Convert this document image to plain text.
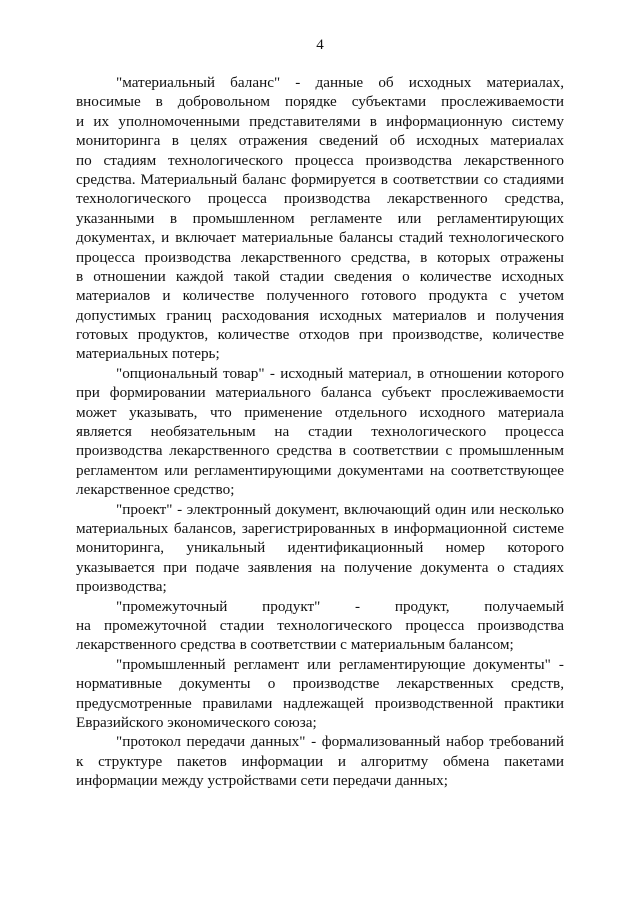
4
"материальный баланс" - данные об исходных материалах,
вносимые в добровольном порядке субъектами прослеживаемости
и их уполномоченными представителями в информационную систему
мониторинга в целях отражения сведений об исходных материалах
по стадиям технологического процесса производства лекарственного
средства. Материальный баланс формируется в соответствии со стадиями
технологического процесса производства лекарственного средства,
указанными в промышленном регламенте или регламентирующих
документах, и включает материальные балансы стадий технологического
процесса производства лекарственного средства, в которых отражены
в отношении каждой такой стадии сведения о количестве исходных
материалов и количестве полученного готового продукта с учетом
допустимых границ расходования исходных материалов и получения
готовых продуктов, количестве отходов при производстве, количестве
материальных потерь;
"опциональный товар" - исходный материал, в отношении которого
при формировании материального баланса субъект прослеживаемости
может указывать, что применение отдельного исходного материала
является необязательным на стадии технологического процесса
производства лекарственного средства в соответствии с промышленным
регламентом или регламентирующими документами на соответствующее
лекарственное средство;
"проект" - электронный документ, включающий один или несколько
материальных балансов, зарегистрированных в информационной системе
мониторинга, уникальный идентификационный номер которого
указывается при подаче заявления на получение документа о стадиях
производства;
"промежуточный продукт" - продукт, получаемый
на промежуточной стадии технологического процесса производства
лекарственного средства в соответствии с материальным балансом;
"промышленный регламент или регламентирующие документы" -
нормативные документы о производстве лекарственных средств,
предусмотренные правилами надлежащей производственной практики
Евразийского экономического союза;
"протокол передачи данных" - формализованный набор требований
к структуре пакетов информации и алгоритму обмена пакетами
информации между устройствами сети передачи данных;
